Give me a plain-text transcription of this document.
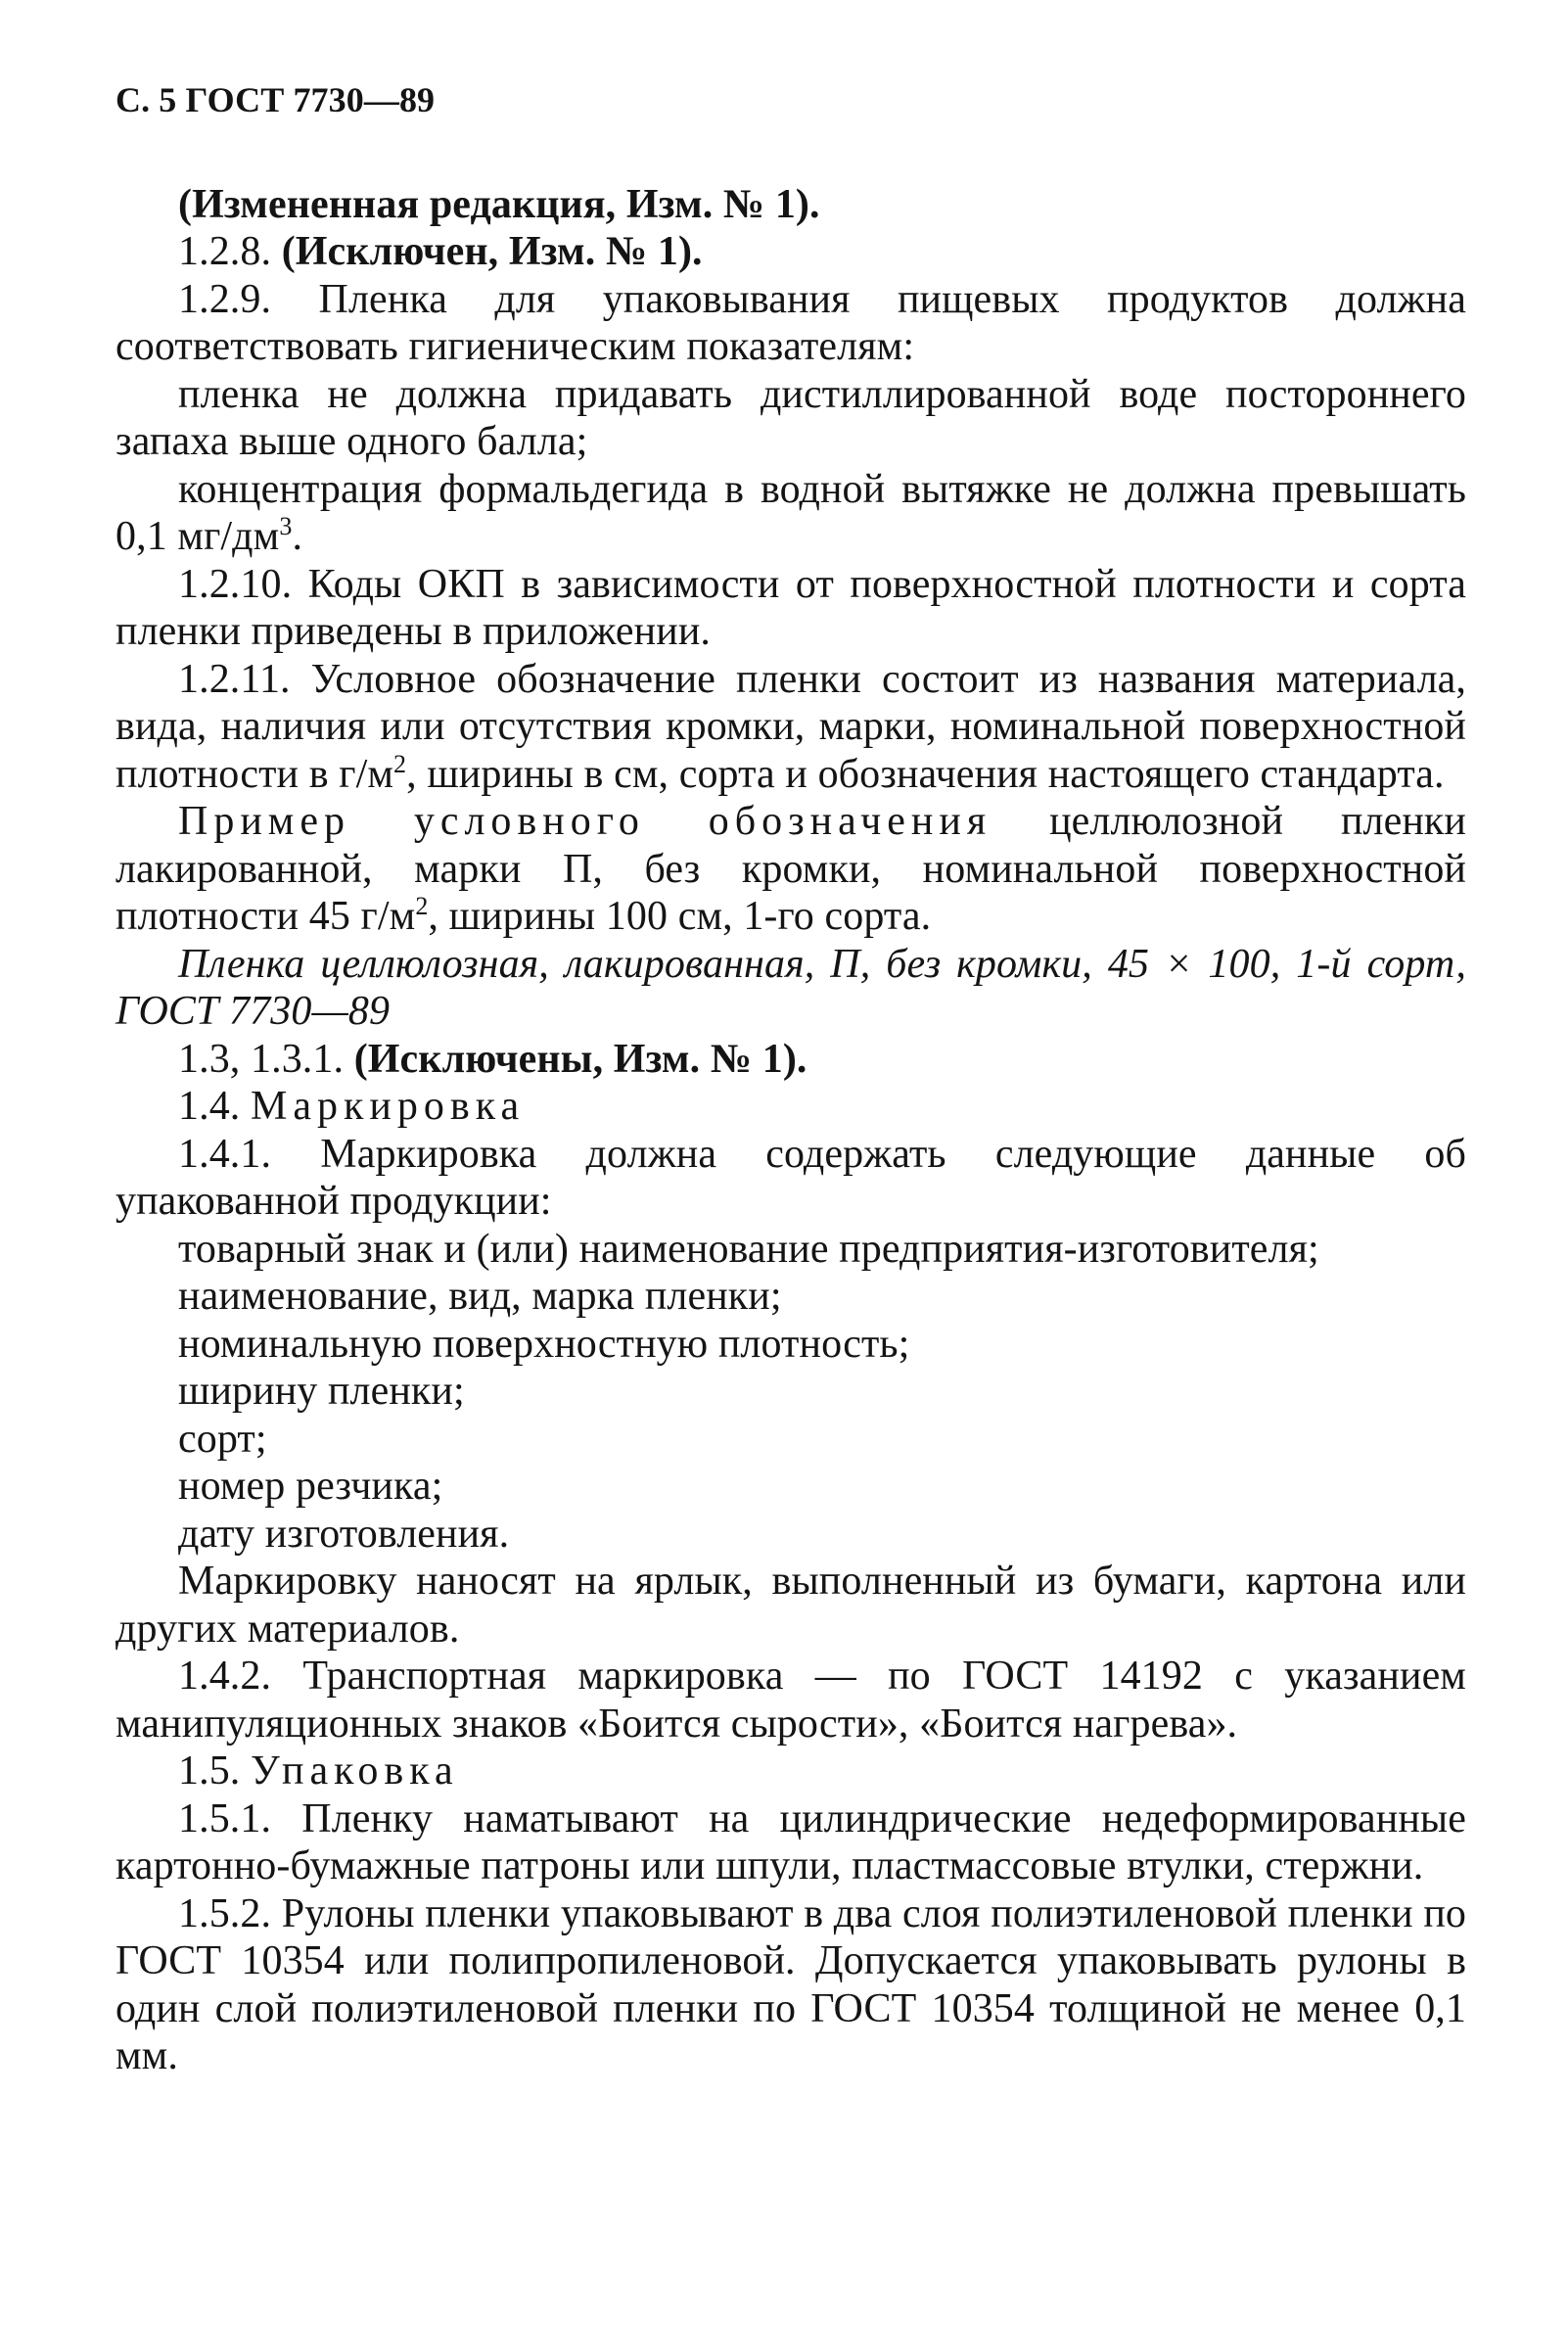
С. 5 ГОСТ 7730—89

(Измененная редакция, Изм. № 1).

1.2.8. (Исключен, Изм. № 1).

1.2.9. Пленка для упаковывания пищевых продуктов должна соответствовать гигиеническим показателям:

пленка не должна придавать дистиллированной воде постороннего запаха выше одного балла;

концентрация формальдегида в водной вытяжке не должна превышать 0,1 $мг/дм^3$.

1.2.10. Коды ОКП в зависимости от поверхностной плотности и сорта пленки приведены в приложении.

1.2.11. Условное обозначение пленки состоит из названия материала, вида, наличия или отсутствия кромки, марки, номинальной поверхностной плотности в $г/м^2$, ширины в см, сорта и обозначения настоящего стандарта.

Пример условного обозначения целлюлозной пленки лакированной, марки П, без кромки, номинальной поверхностной плотности 45 $г/м^2$, ширины 100 см, 1-го сорта.

Пленка целлюлозная, лакированная, П, без кромки, 45 × 100, 1-й сорт, ГОСТ 7730—89

1.3, 1.3.1. (Исключены, Изм. № 1).

1.4. Маркировка

1.4.1. Маркировка должна содержать следующие данные об упакованной продукции:

товарный знак и (или) наименование предприятия-изготовителя;

наименование, вид, марка пленки;

номинальную поверхностную плотность;

ширину пленки;

сорт;

номер резчика;

дату изготовления.

Маркировку наносят на ярлык, выполненный из бумаги, картона или других материалов.

1.4.2. Транспортная маркировка — по ГОСТ 14192 с указанием манипуляционных знаков «Боится сырости», «Боится нагрева».

1.5. Упаковка

1.5.1. Пленку наматывают на цилиндрические недеформированные картонно-бумажные патроны или шпули, пластмассовые втулки, стержни.

1.5.2. Рулоны пленки упаковывают в два слоя полиэтиленовой пленки по ГОСТ 10354 или полипропиленовой. Допускается упаковывать рулоны в один слой полиэтиленовой пленки по ГОСТ 10354 толщиной не менее 0,1 мм.
